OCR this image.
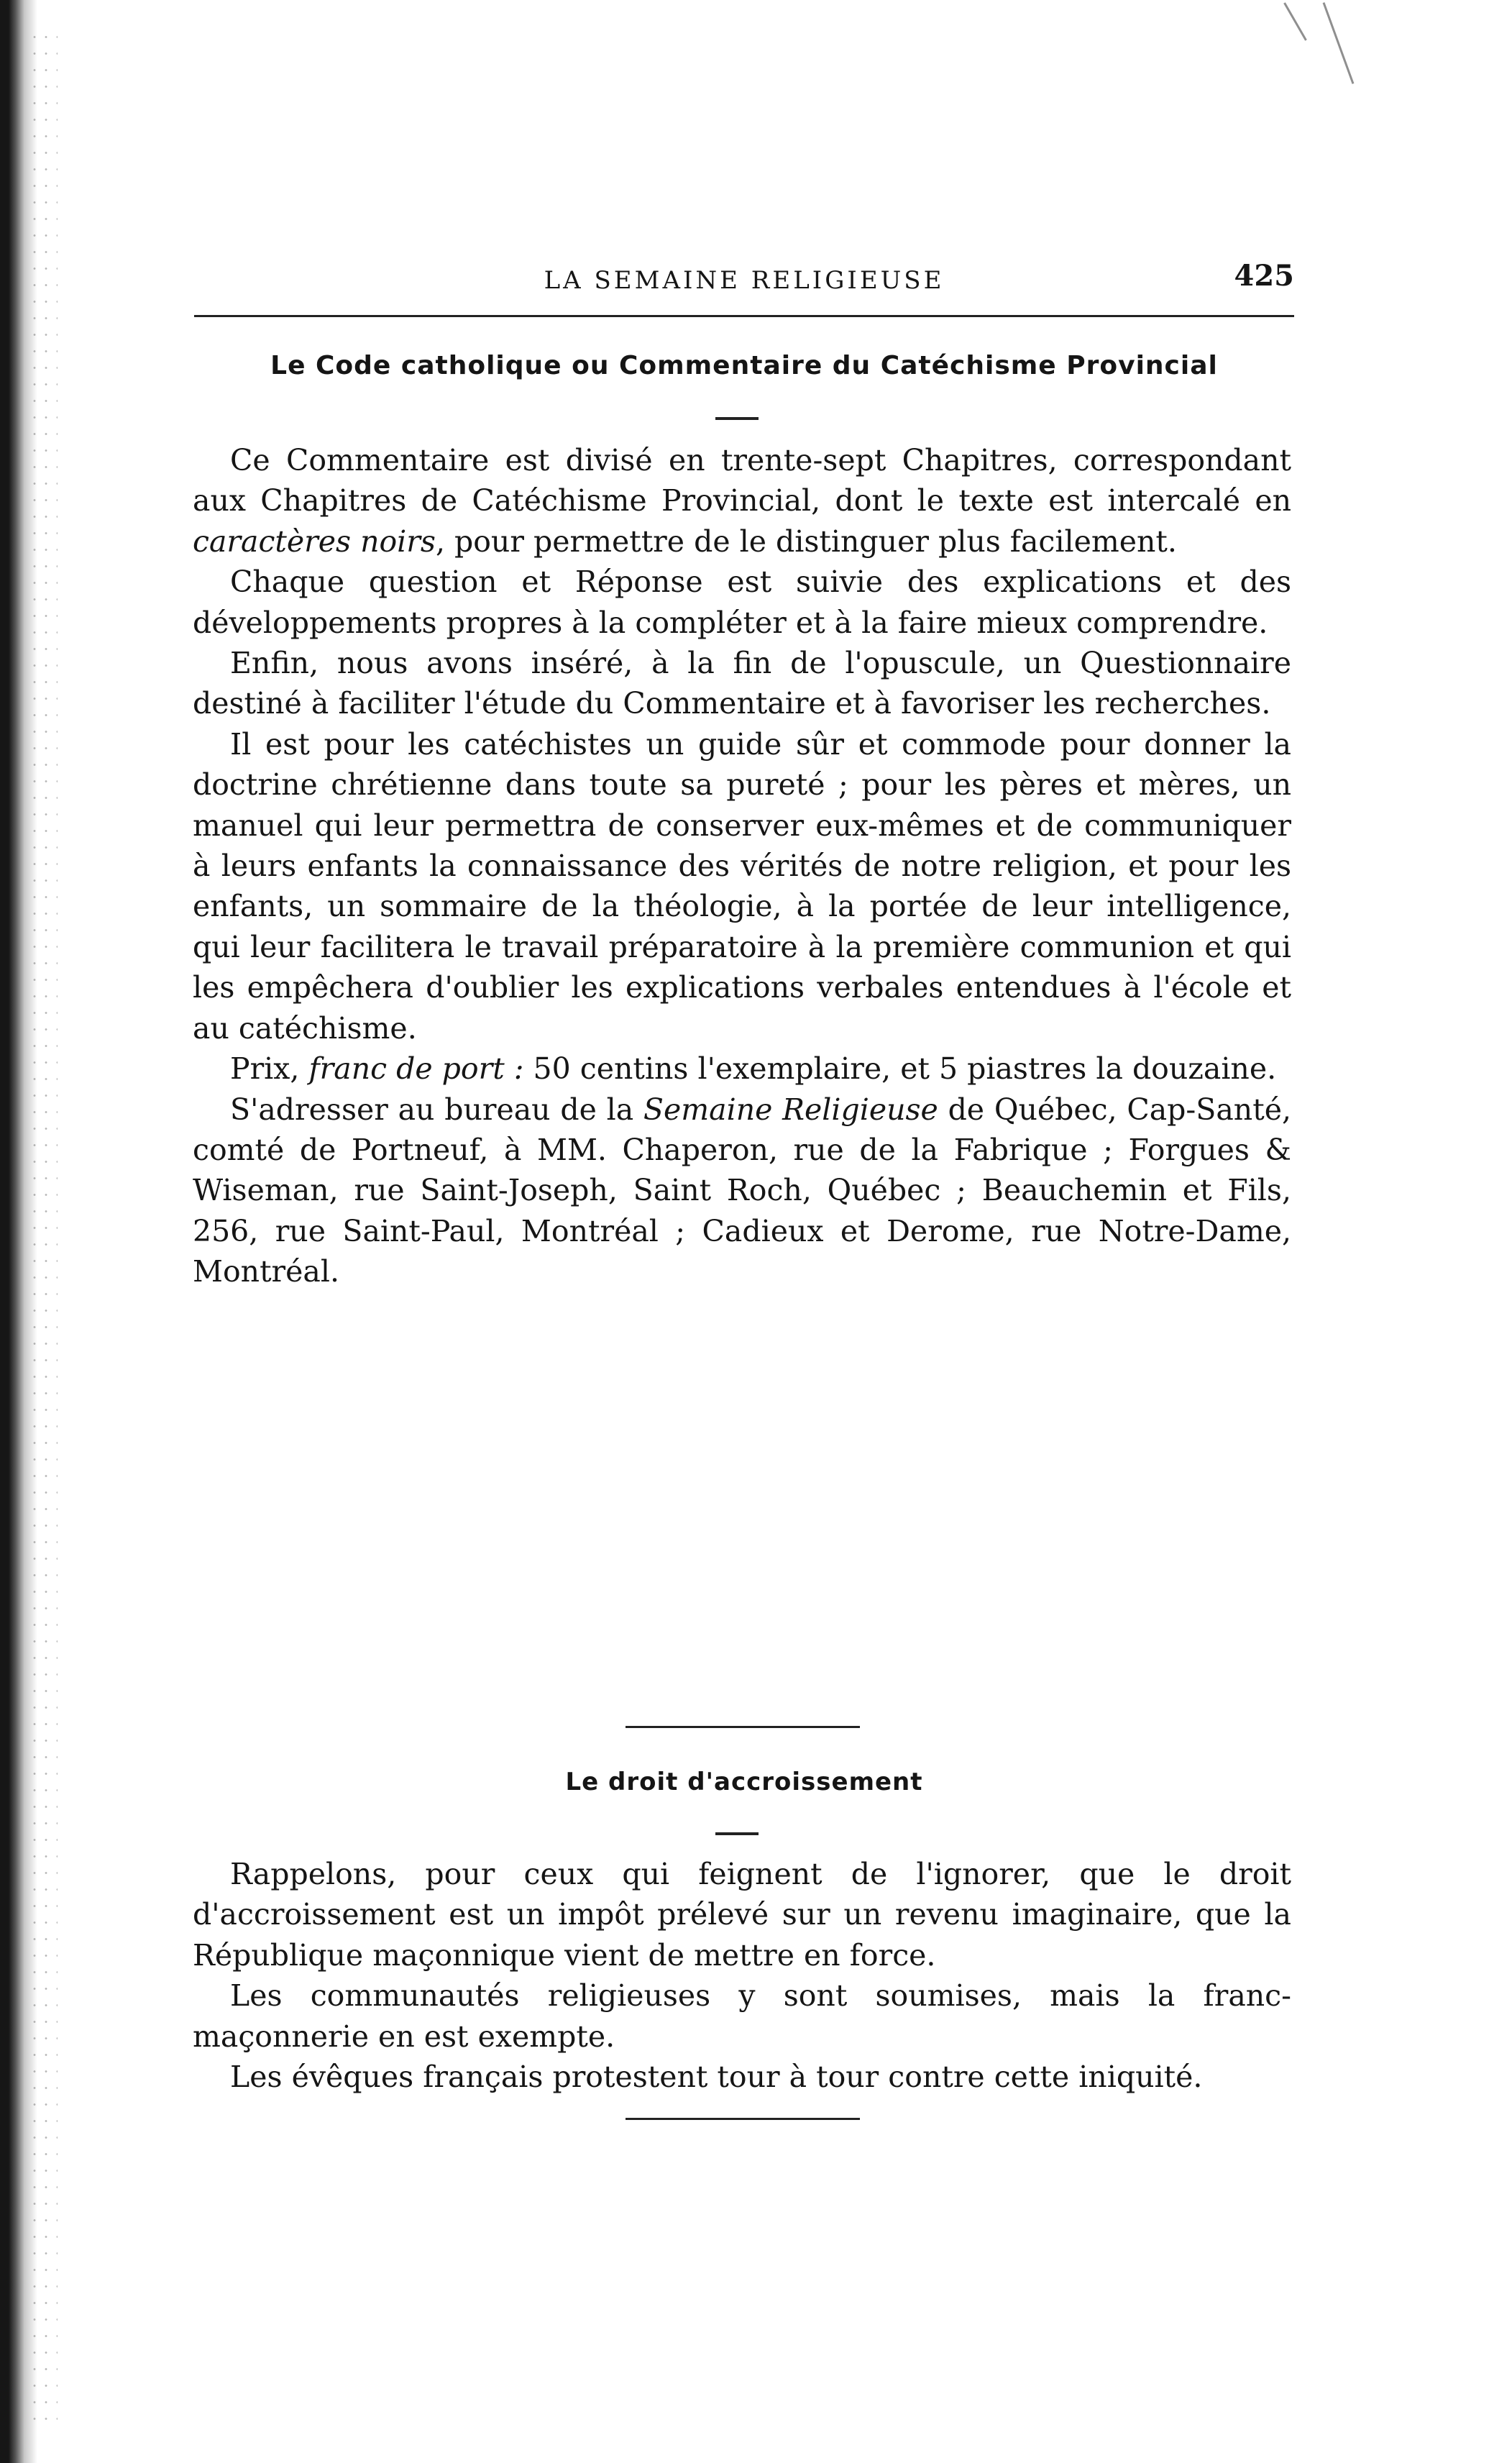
LA SEMAINE RELIGIEUSE	425
Le Code catholique ou Commentaire du Catéchisme Provincial

Ce Commentaire est divisé en trente-sept Chapitres, correspondant aux Chapitres de Catéchisme Provincial, dont le texte est intercalé en caractères noirs, pour permettre de le distinguer plus facilement.

Chaque question et Réponse est suivie des explications et des développements propres à la compléter et à la faire mieux comprendre.

Enfin, nous avons inséré, à la fin de l'opuscule, un Questionnaire destiné à faciliter l'étude du Commentaire et à favoriser les recherches.

Il est pour les catéchistes un guide sûr et commode pour donner la doctrine chrétienne dans toute sa pureté ; pour les pères et mères, un manuel qui leur permettra de conserver eux-mêmes et de communiquer à leurs enfants la connaissance des vérités de notre religion, et pour les enfants, un sommaire de la théologie, à la portée de leur intelligence, qui leur facilitera le travail préparatoire à la première communion et qui les empêchera d'oublier les explications verbales entendues à l'école et au catéchisme.

Prix, franc de port : 50 centins l'exemplaire, et 5 piastres la douzaine.

S'adresser au bureau de la Semaine Religieuse de Québec, Cap-Santé, comté de Portneuf, à MM. Chaperon, rue de la Fabrique ; Forgues & Wiseman, rue Saint-Joseph, Saint Roch, Québec ; Beauchemin et Fils, 256, rue Saint-Paul, Montréal ; Cadieux et Derome, rue Notre-Dame, Montréal.

Le droit d'accroissement

Rappelons, pour ceux qui feignent de l'ignorer, que le droit d'accroissement est un impôt prélevé sur un revenu imaginaire, que la République maçonnique vient de mettre en force.

Les communautés religieuses y sont soumises, mais la franc-maçonnerie en est exempte.

Les évêques français protestent tour à tour contre cette iniquité.
